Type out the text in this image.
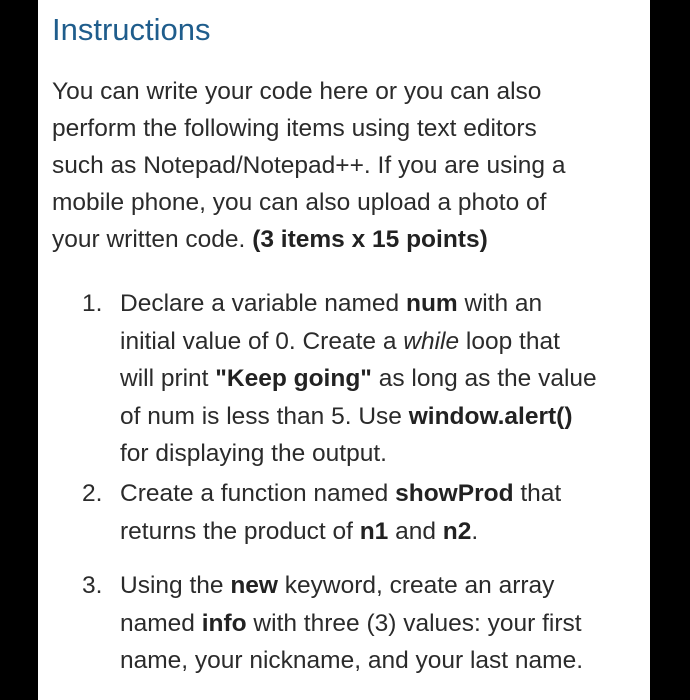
Instructions

You can write your code here or you can also
perform the following items using text editors
such as Notepad/Notepad++. If you are using a
mobile phone, you can also upload a photo of
your written code. (3 items x 15 points)

1. Declare a variable named num with an
initial value of 0. Create a while loop that
will print "Keep going" as long as the value
of num is less than 5. Use window.alert()
for displaying the output.
2. Create a function named showProd that
returns the product of n1 and n2.
3. Using the new keyword, create an array
named info with three (3) values: your first
name, your nickname, and your last name.
